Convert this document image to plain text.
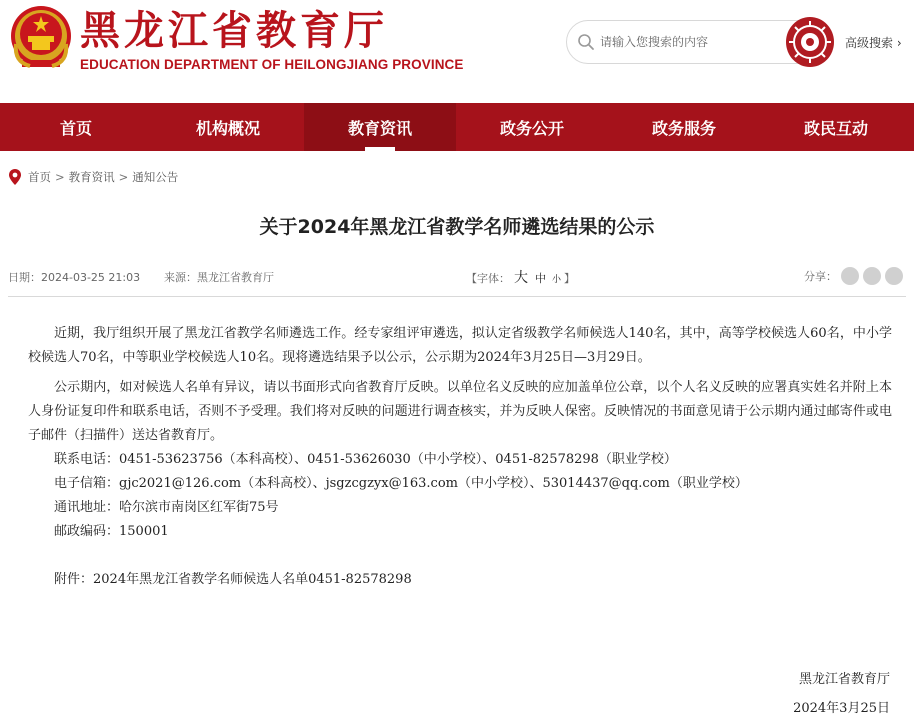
黑龙江省教育厅
EDUCATION DEPARTMENT OF HEILONGJIANG PROVINCE
请输入您搜索的内容
高级搜索 ›
首页	机构概况	教育资讯	政务公开	政务服务	政民互动
首页 > 教育资讯 > 通知公告
关于2024年黑龙江省教学名师遴选结果的公示
日期：2024-03-25 21:03 来源：黑龙江省教育厅	【字体： 大 中 小 】	分享：

近期，我厅组织开展了黑龙江省教学名师遴选工作。经专家组评审遴选，拟认定省级教学名师候选人140名，其中，高等学校候选人60名，中小学校候选人70名，中等职业学校候选人10名。现将遴选结果予以公示，公示期为2024年3月25日—3月29日。

公示期内，如对候选人名单有异议，请以书面形式向省教育厅反映。以单位名义反映的应加盖单位公章，以个人名义反映的应署真实姓名并附上本人身份证复印件和联系电话，否则不予受理。我们将对反映的问题进行调查核实，并为反映人保密。反映情况的书面意见请于公示期内通过邮寄件或电子邮件（扫描件）送达省教育厅。

联系电话：0451-53623756（本科高校）、0451-53626030（中小学校）、0451-82578298（职业学校）

电子信箱：gjc2021@126.com（本科高校）、jsgzcgzyx@163.com（中小学校）、53014437@qq.com（职业学校）

通讯地址：哈尔滨市南岗区红军街75号

邮政编码：150001

附件：2024年黑龙江省教学名师候选人名单0451-82578298

黑龙江省教育厅
2024年3月25日
